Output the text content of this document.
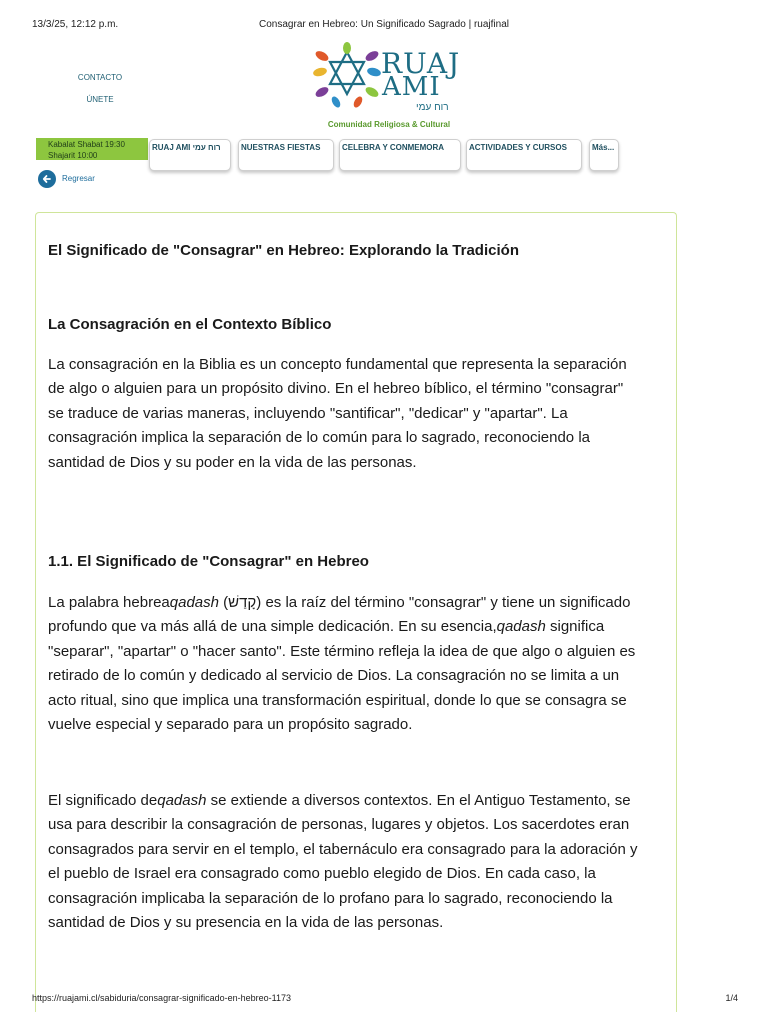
13/3/25, 12:12 p.m.	Consagrar en Hebreo: Un Significado Sagrado | ruajfinal
CONTACTO
ÚNETE
RUAJ
AMI
רוח עמי
Comunidad Religiosa & Cultural
Kabalat Shabat 19:30
Shajarit 10:00
RUAJ AMI רוח עמי	NUESTRAS FIESTAS	CELEBRA Y CONMEMORA	ACTIVIDADES Y CURSOS	Más...
Regresar
El Significado de "Consagrar" en Hebreo: Explorando la Tradición
La Consagración en el Contexto Bíblico
La consagración en la Biblia es un concepto fundamental que representa la separación de algo o alguien para un propósito divino. En el hebreo bíblico, el término "consagrar" se traduce de varias maneras, incluyendo "santificar", "dedicar" y "apartar". La consagración implica la separación de lo común para lo sagrado, reconociendo la santidad de Dios y su poder en la vida de las personas.
1.1. El Significado de "Consagrar" en Hebreo
La palabra hebreaqadash (קָדַשׁ) es la raíz del término "consagrar" y tiene un significado profundo que va más allá de una simple dedicación. En su esencia,qadash significa "separar", "apartar" o "hacer santo". Este término refleja la idea de que algo o alguien es retirado de lo común y dedicado al servicio de Dios. La consagración no se limita a un acto ritual, sino que implica una transformación espiritual, donde lo que se consagra se vuelve especial y separado para un propósito sagrado.
El significado deqadash se extiende a diversos contextos. En el Antiguo Testamento, se usa para describir la consagración de personas, lugares y objetos. Los sacerdotes eran consagrados para servir en el templo, el tabernáculo era consagrado para la adoración y el pueblo de Israel era consagrado como pueblo elegido de Dios. En cada caso, la consagración implicaba la separación de lo profano para lo sagrado, reconociendo la santidad de Dios y su presencia en la vida de las personas.
https://ruajami.cl/sabiduria/consagrar-significado-en-hebreo-1173	1/4
